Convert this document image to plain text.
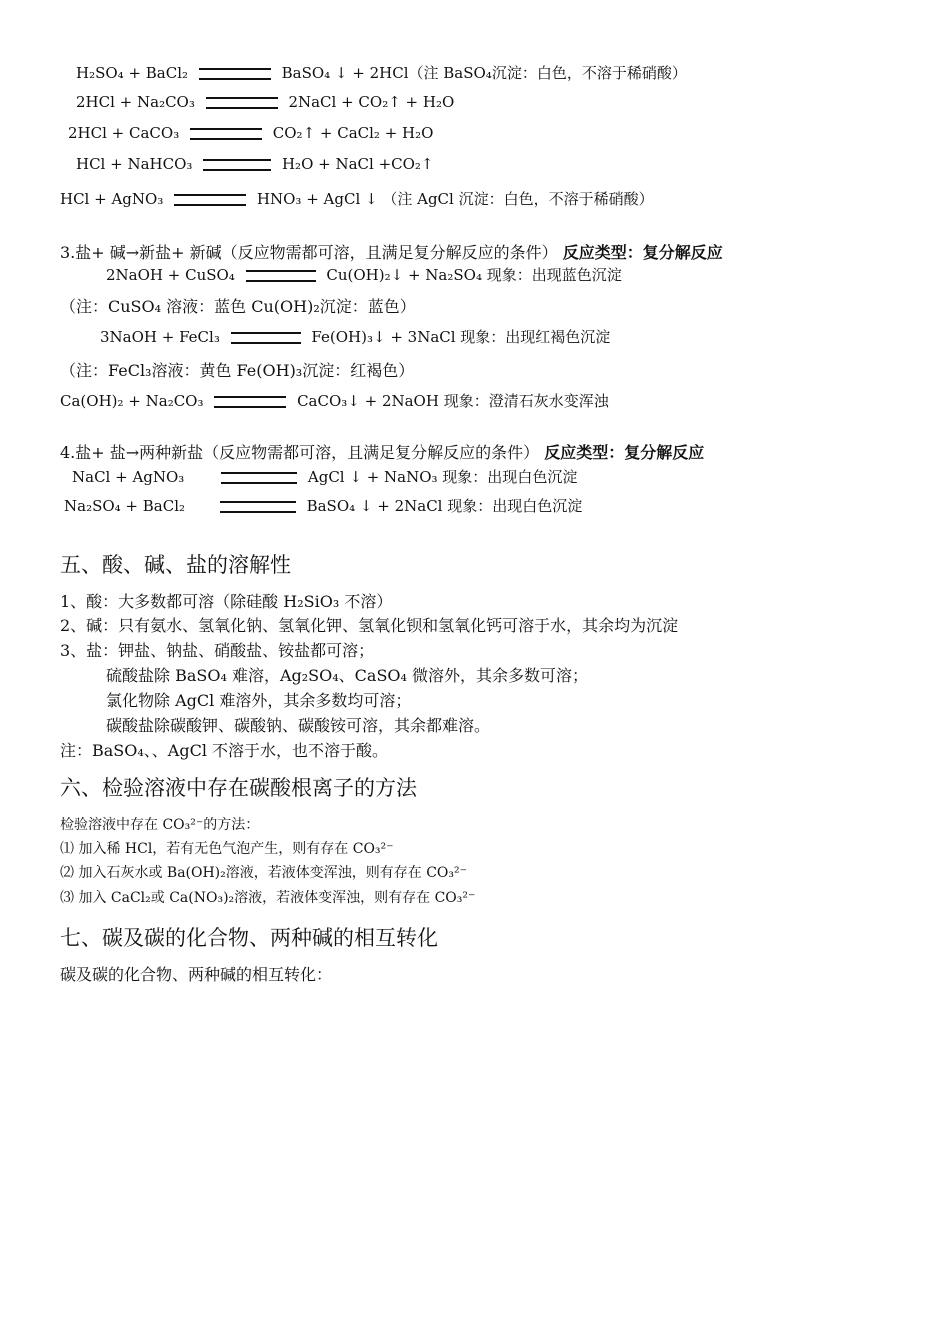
H₂SO₄ + BaCl₂	BaSO₄ ↓ + 2HCl（注 BaSO₄沉淀：白色，不溶于稀硝酸）
2HCl + Na₂CO₃	2NaCl + CO₂↑ + H₂O
2HCl + CaCO₃	CO₂↑ + CaCl₂ + H₂O
HCl + NaHCO₃	H₂O + NaCl +CO₂↑
HCl + AgNO₃	HNO₃ + AgCl ↓ （注 AgCl 沉淀：白色，不溶于稀硝酸）
3.盐+ 碱→新盐+ 新碱（反应物需都可溶，且满足复分解反应的条件） 反应类型：复分解反应
2NaOH + CuSO₄	Cu(OH)₂↓ + Na₂SO₄ 现象：出现蓝色沉淀
（注：CuSO₄ 溶液：蓝色 Cu(OH)₂沉淀：蓝色）
3NaOH + FeCl₃	Fe(OH)₃↓ + 3NaCl 现象：出现红褐色沉淀
（注：FeCl₃溶液：黄色 Fe(OH)₃沉淀：红褐色）
Ca(OH)₂ + Na₂CO₃	CaCO₃↓ + 2NaOH 现象：澄清石灰水变浑浊
4.盐+ 盐→两种新盐（反应物需都可溶，且满足复分解反应的条件） 反应类型：复分解反应
NaCl + AgNO₃	AgCl ↓ + NaNO₃ 现象：出现白色沉淀
Na₂SO₄ + BaCl₂	BaSO₄ ↓ + 2NaCl 现象：出现白色沉淀
五、酸、碱、盐的溶解性
1、酸：大多数都可溶（除硅酸 H₂SiO₃ 不溶）
2、碱：只有氨水、氢氧化钠、氢氧化钾、氢氧化钡和氢氧化钙可溶于水，其余均为沉淀
3、盐：钾盐、钠盐、硝酸盐、铵盐都可溶；
硫酸盐除 BaSO₄ 难溶，Ag₂SO₄、CaSO₄ 微溶外，其余多数可溶；
氯化物除 AgCl 难溶外，其余多数均可溶；
碳酸盐除碳酸钾、碳酸钠、碳酸铵可溶，其余都难溶。
注：BaSO₄、、AgCl 不溶于水，也不溶于酸。
六、检验溶液中存在碳酸根离子的方法
检验溶液中存在 CO₃²⁻的方法：
⑴ 加入稀 HCl，若有无色气泡产生，则有存在 CO₃²⁻
⑵ 加入石灰水或 Ba(OH)₂溶液，若液体变浑浊，则有存在 CO₃²⁻
⑶ 加入 CaCl₂或 Ca(NO₃)₂溶液，若液体变浑浊，则有存在 CO₃²⁻
七、碳及碳的化合物、两种碱的相互转化
碳及碳的化合物、两种碱的相互转化：
